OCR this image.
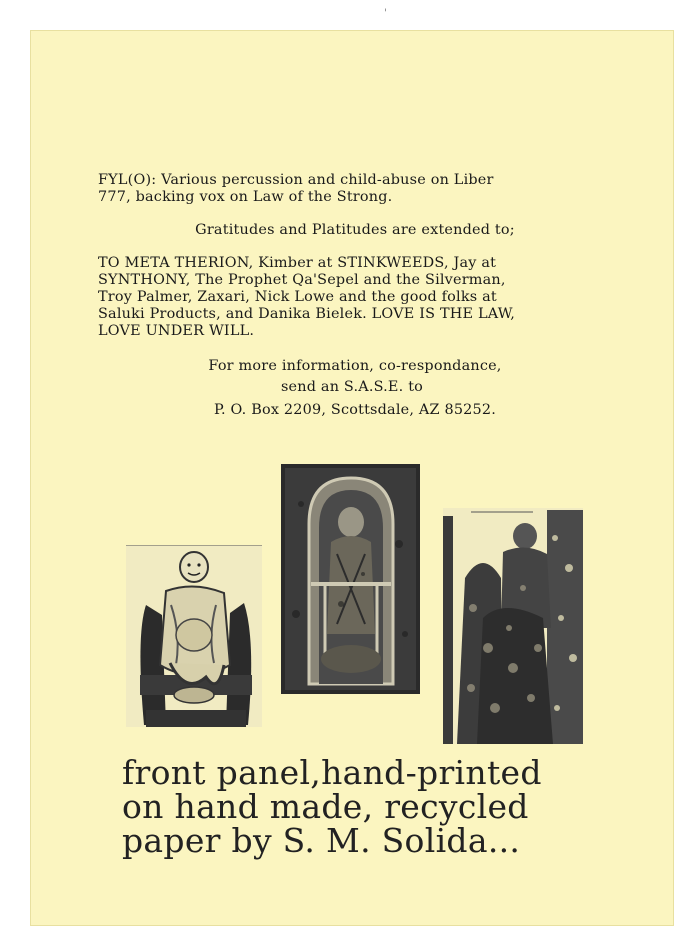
'

FYL(O): Various percussion and child-abuse on Liber

777, backing vox on Law of the Strong.

Gratitudes and Platitudes are extended to;

TO META THERION, Kimber at STINKWEEDS, Jay at

SYNTHONY, The Prophet Qa'Sepel and the Silverman,

Troy Palmer, Zaxari, Nick Lowe and the good folks at

Saluki Products, and Danika Bielek. LOVE IS THE LAW,

LOVE UNDER WILL.

For more information, co-respondance,

send an S.A.S.E. to

P. O. Box 2209, Scottsdale, AZ 85252.

front panel,hand-printed
on hand made, recycled
paper by S. M. Solida...
